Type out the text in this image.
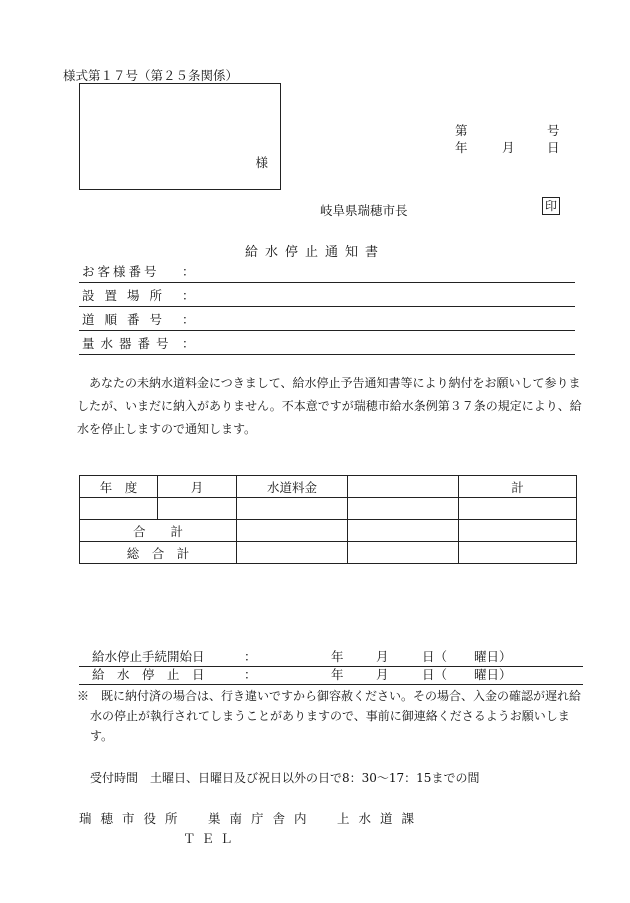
様式第１７号（第２５条関係）
様
第	号
年	月	日
岐阜県瑞穂市長	印
給水停止通知書
お客様番号 ：
設置場所 ：
道順番号 ：
量水器番号 ：

　あなたの未納水道料金につきまして、給水停止予告通知書等により納付をお願いして参りましたが、いまだに納入がありません。不本意ですが瑞穂市給水条例第３７条の規定により、給水を停止しますので通知します。

年　度	月	水道料金		計

合　　計				
総　合　計				
給水停止手続開始日	：	年	月	日（ 曜日）
給　水　停　止　日	：	年	月	日（ 曜日）

※　既に納付済の場合は、行き違いですから御容赦ください。その場合、入金の確認が遅れ給水の停止が執行されてしまうことがありますので、事前に御連絡くださるようお願いします。

受付時間　土曜日、日曜日及び祝日以外の日で8：30～17：15までの間
瑞穂市役所　巣南庁舎内　上水道課
ＴＥＬ
